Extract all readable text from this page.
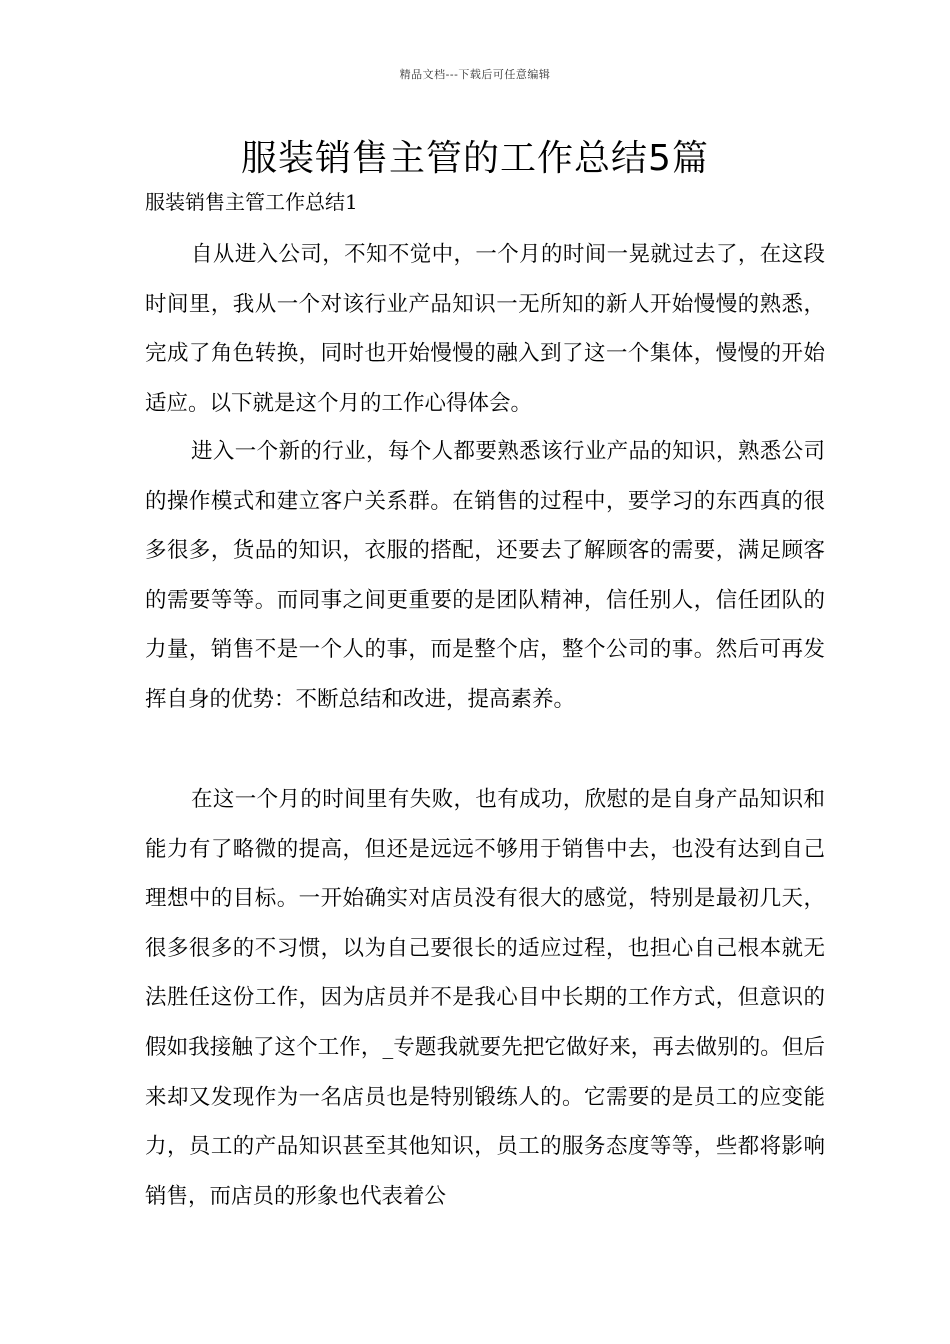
精品文档---下载后可任意编辑
服装销售主管的工作总结5篇

服装销售主管工作总结1

自从进入公司，不知不觉中，一个月的时间一晃就过去了，在这段时间里，我从一个对该行业产品知识一无所知的新人开始慢慢的熟悉，完成了角色转换，同时也开始慢慢的融入到了这一个集体，慢慢的开始适应。以下就是这个月的工作心得体会。

进入一个新的行业，每个人都要熟悉该行业产品的知识，熟悉公司的操作模式和建立客户关系群。在销售的过程中，要学习的东西真的很多很多，货品的知识，衣服的搭配，还要去了解顾客的需要，满足顾客的需要等等。而同事之间更重要的是团队精神，信任别人，信任团队的力量，销售不是一个人的事，而是整个店，整个公司的事。然后可再发挥自身的优势：不断总结和改进，提高素养。

在这一个月的时间里有失败，也有成功，欣慰的是自身产品知识和能力有了略微的提高，但还是远远不够用于销售中去，也没有达到自己理想中的目标。一开始确实对店员没有很大的感觉，特别是最初几天，很多很多的不习惯，以为自己要很长的适应过程，也担心自己根本就无法胜任这份工作，因为店员并不是我心目中长期的工作方式，但意识的假如我接触了这个工作，_专题我就要先把它做好来，再去做别的。但后来却又发现作为一名店员也是特别锻练人的。它需要的是员工的应变能力，员工的产品知识甚至其他知识，员工的服务态度等等，些都将影响销售，而店员的形象也代表着公
